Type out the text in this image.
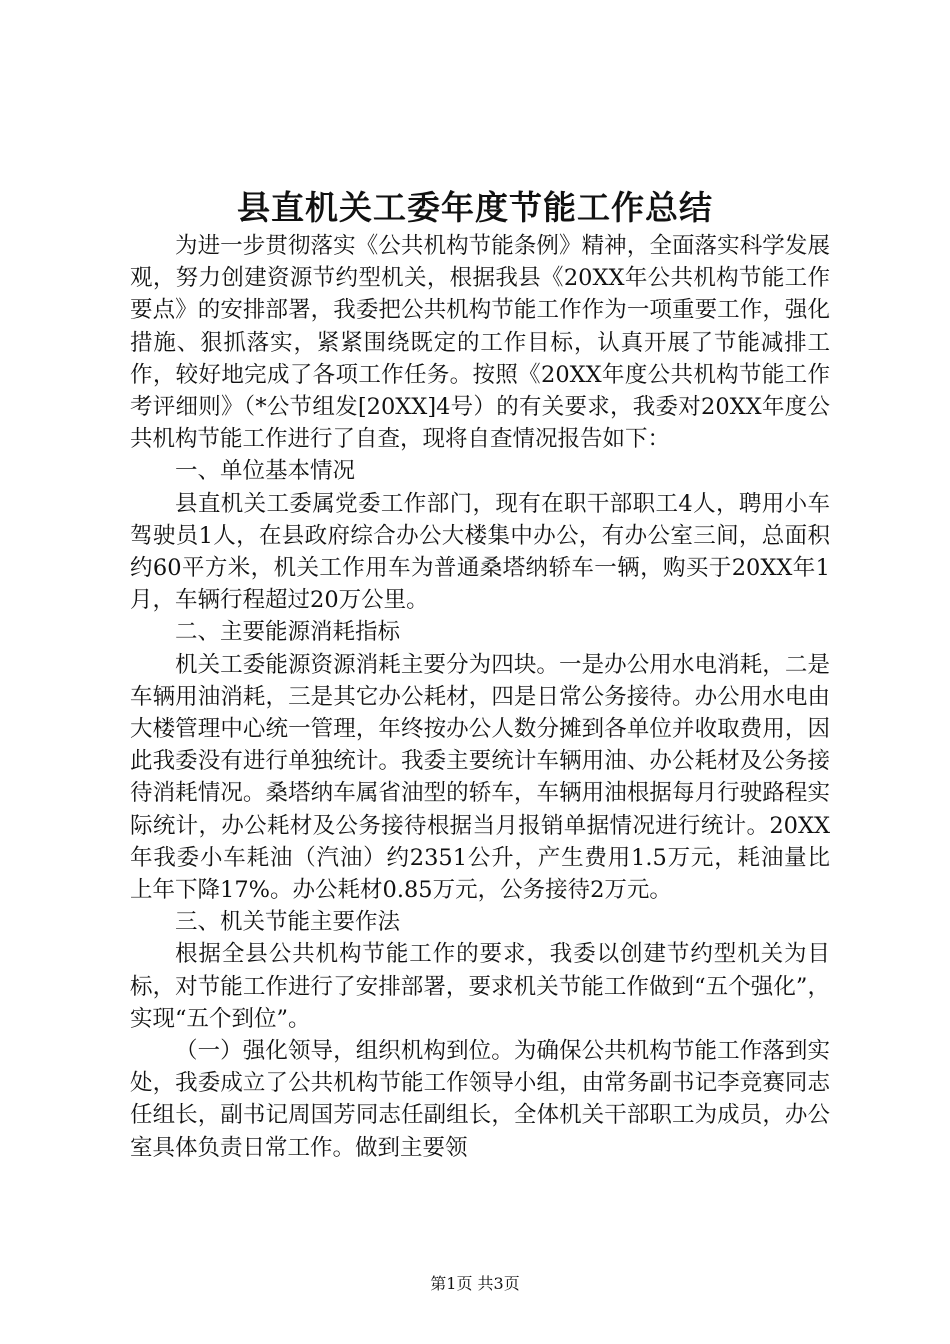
县直机关工委年度节能工作总结

为进一步贯彻落实《公共机构节能条例》精神，全面落实科学发展观，努力创建资源节约型机关，根据我县《20XX年公共机构节能工作要点》的安排部署，我委把公共机构节能工作作为一项重要工作，强化措施、狠抓落实，紧紧围绕既定的工作目标，认真开展了节能减排工作，较好地完成了各项工作任务。按照《20XX年度公共机构节能工作考评细则》（*公节组发[20XX]4号）的有关要求，我委对20XX年度公共机构节能工作进行了自查，现将自查情况报告如下：

一、单位基本情况

县直机关工委属党委工作部门，现有在职干部职工4人，聘用小车驾驶员1人，在县政府综合办公大楼集中办公，有办公室三间，总面积约60平方米，机关工作用车为普通桑塔纳轿车一辆，购买于20XX年1月，车辆行程超过20万公里。

二、主要能源消耗指标

机关工委能源资源消耗主要分为四块。一是办公用水电消耗，二是车辆用油消耗，三是其它办公耗材，四是日常公务接待。办公用水电由大楼管理中心统一管理，年终按办公人数分摊到各单位并收取费用，因此我委没有进行单独统计。我委主要统计车辆用油、办公耗材及公务接待消耗情况。桑塔纳车属省油型的轿车，车辆用油根据每月行驶路程实际统计，办公耗材及公务接待根据当月报销单据情况进行统计。20XX年我委小车耗油（汽油）约2351公升，产生费用1.5万元，耗油量比上年下降17%。办公耗材0.85万元，公务接待2万元。

三、机关节能主要作法

根据全县公共机构节能工作的要求，我委以创建节约型机关为目标，对节能工作进行了安排部署，要求机关节能工作做到“五个强化”，实现“五个到位”。

（一）强化领导，组织机构到位。为确保公共机构节能工作落到实处，我委成立了公共机构节能工作领导小组，由常务副书记李竞赛同志任组长，副书记周国芳同志任副组长，全体机关干部职工为成员，办公室具体负责日常工作。做到主要领

第1页 共3页
